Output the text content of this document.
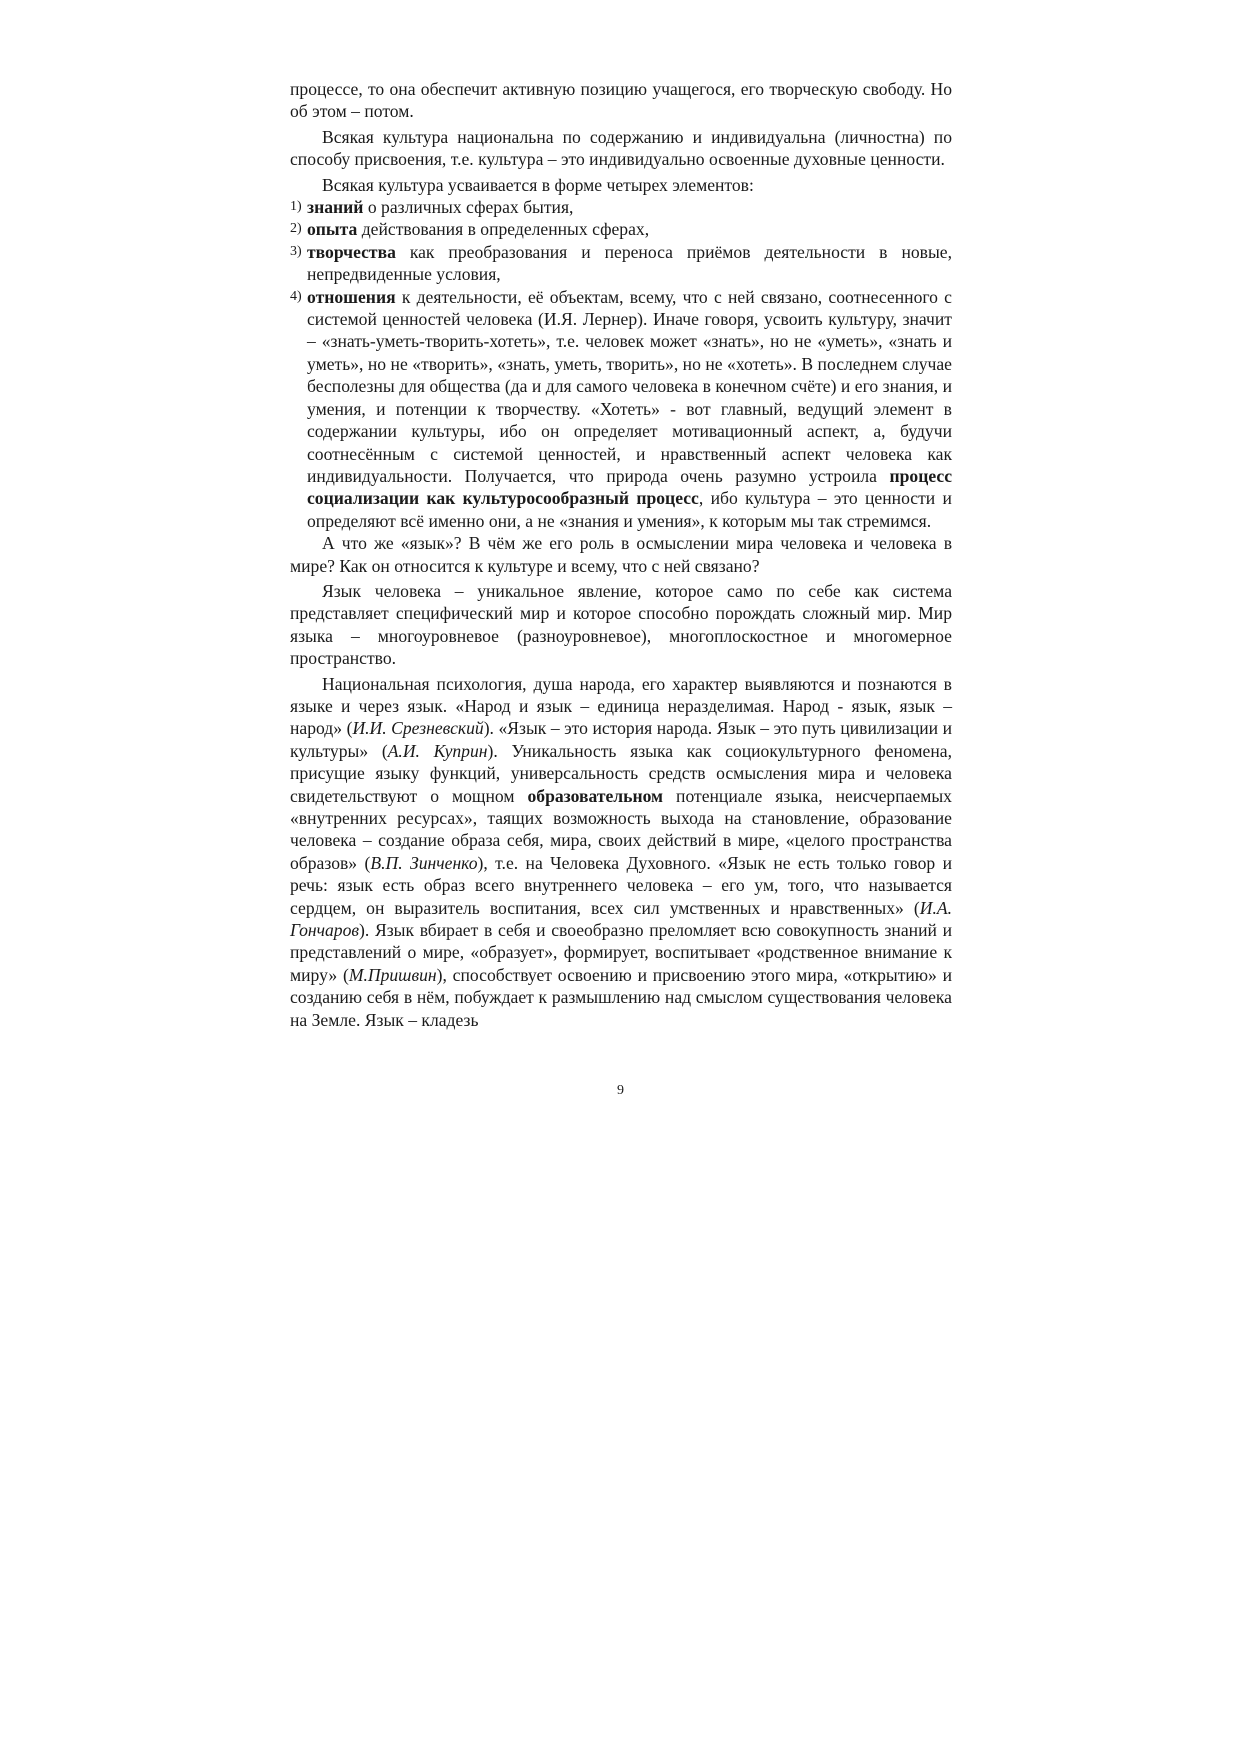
процессе, то она обеспечит активную позицию учащегося, его творческую свободу. Но об этом – потом.

Всякая культура национальна по содержанию и индивидуальна (личностна) по способу присвоения, т.е. культура – это индивидуально освоенные духовные ценности.

Всякая культура усваивается в форме четырех элементов:

1) знаний о различных сферах бытия,
2) опыта действования в определенных сферах,
3) творчества как преобразования и переноса приёмов деятельности в новые, непредвиденные условия,
4) отношения к деятельности, её объектам, всему, что с ней связано, соотнесенного с системой ценностей человека (И.Я. Лернер). Иначе говоря, усвоить культуру, значит – «знать-уметь-творить-хотеть», т.е. человек может «знать», но не «уметь», «знать и уметь», но не «творить», «знать, уметь, творить», но не «хотеть». В последнем случае бесполезны для общества (да и для самого человека в конечном счёте) и его знания, и умения, и потенции к творчеству. «Хотеть» - вот главный, ведущий элемент в содержании культуры, ибо он определяет мотивационный аспект, а, будучи соотнесённым с системой ценностей, и нравственный аспект человека как индивидуальности. Получается, что природа очень разумно устроила процесс социализации как культуросообразный процесс, ибо культура – это ценности и определяют всё именно они, а не «знания и умения», к которым мы так стремимся.

А что же «язык»? В чём же его роль в осмыслении мира человека и человека в мире? Как он относится к культуре и всему, что с ней связано?

Язык человека – уникальное явление, которое само по себе как система представляет специфический мир и которое способно порождать сложный мир. Мир языка – многоуровневое (разноуровневое), многоплоскостное и многомерное пространство.

Национальная психология, душа народа, его характер выявляются и познаются в языке и через язык. «Народ и язык – единица неразделимая. Народ - язык, язык – народ» (И.И. Срезневский). «Язык – это история народа. Язык – это путь цивилизации и культуры» (А.И. Куприн). Уникальность языка как социокультурного феномена, присущие языку функций, универсальность средств осмысления мира и человека свидетельствуют о мощном образовательном потенциале языка, неисчерпаемых «внутренних ресурсах», таящих возможность выхода на становление, образование человека – создание образа себя, мира, своих действий в мире, «целого пространства образов» (В.П. Зинченко), т.е. на Человека Духовного. «Язык не есть только говор и речь: язык есть образ всего внутреннего человека – его ум, того, что называется сердцем, он выразитель воспитания, всех сил умственных и нравственных» (И.А. Гончаров). Язык вбирает в себя и своеобразно преломляет всю совокупность знаний и представлений о мире, «образует», формирует, воспитывает «родственное внимание к миру» (М.Пришвин), способствует освоению и присвоению этого мира, «открытию» и созданию себя в нём, побуждает к размышлению над смыслом существования человека на Земле. Язык – кладезь

9
